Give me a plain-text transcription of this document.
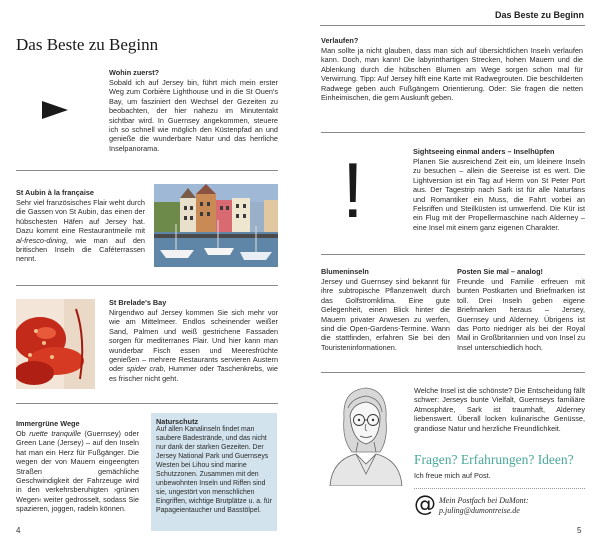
Das Beste zu Beginn
Das Beste zu Beginn
Wohin zuerst?
Sobald ich auf Jersey bin, führt mich mein erster Weg zum Corbière Lighthouse und in die St Ouen's Bay, um fasziniert den Wechsel der Gezeiten zu beobachten, der hier nahezu im Minutentakt sichtbar wird. In Guernsey angekommen, steuere ich so schnell wie möglich den Küstenpfad an und genieße die wunderbare Natur und das herrliche Inselpanorama.
St Aubin à la française
Sehr viel französisches Flair weht durch die Gassen von St Aubin, das einen der hübschesten Häfen auf Jersey hat. Dazu kommt eine Restaurantmeile mit al-fresco-dining, wie man auf den britischen Inseln die Caféterrassen nennt.
St Brelade's Bay
Nirgendwo auf Jersey kommen Sie sich mehr vor wie am Mittelmeer. Endlos scheinender weißer Sand, Palmen und weiß gestrichene Fassaden sorgen für mediterranes Flair. Und hier kann man wunderbar Fisch essen und Meeresfrüchte genießen – mehrere Restaurants servieren Austern oder spider crab, Hummer oder Taschenkrebs, wie es frischer nicht geht.
Immergrüne Wege
Ob ruette tranquille (Guernsey) oder Green Lane (Jersey) – auf den Inseln hat man ein Herz für Fußgänger. Die wegen der von Mauern eingeengten Straßen gemächliche Geschwindigkeit der Fahrzeuge wird in den verkehrsberuhigten ›grünen Wegen‹ weiter gedrosselt, sodass Sie spazieren, joggen, radeln können.
Naturschutz
Auf allen Kanalinseln findet man saubere Badestrände, und das nicht nur dank der starken Gezeiten. Der Jersey National Park und Guernseys Westen bei Lihou sind marine Schutzzonen. Zusammen mit den unbewohnten Inseln und Riffen sind sie, ungestört von menschlichen Eingriffen, wichtige Brutplätze u. a. für Papageientaucher und Basstölpel.
4
Verlaufen?
Man sollte ja nicht glauben, dass man sich auf übersichtlichen Inseln verlaufen kann. Doch, man kann! Die labyrinthartigen Strecken, hohen Mauern und die Ablenkung durch die hübschen Blumen am Wege sorgen schon mal für Verwirrung. Tipp: Auf Jersey hilft eine Karte mit Radwegrouten. Die beschilderten Radwege geben auch Fußgängern Orientierung. Oder: Sie fragen die netten Einheimischen, die gern Auskunft geben.
!	Sightseeing einmal anders – Inselhüpfen
Planen Sie ausreichend Zeit ein, um kleinere Inseln zu besuchen – allein die Seereise ist es wert. Die Lightversion ist ein Tag auf Herm von St Peter Port aus. Der Tagestrip nach Sark ist für alle Naturfans und Romantiker ein Muss, die Fahrt vorbei an Felsriffen und Steilküsten ist umwerfend. Die Kür ist ein Flug mit der Propellermaschine nach Alderney – eine Insel mit einem ganz eigenen Charakter.
Blumeninseln
Jersey und Guernsey sind bekannt für ihre subtropische Pflanzenwelt durch das Golfstromklima. Eine gute Gelegenheit, einen Blick hinter die Mauern privater Anwesen zu werfen, sind die Open-Gardens-Termine. Wann die stattfinden, erfahren Sie bei den Touristeninformationen.
Posten Sie mal – analog!
Freunde und Familie erfreuen mit bunten Postkarten und Briefmarken ist toll. Drei Inseln geben eigene Briefmarken heraus – Jersey, Guernsey und Alderney. Übrigens ist das Porto niedriger als bei der Royal Mail in Großbritannien und von Insel zu Insel unterschiedlich hoch.
Welche Insel ist die schönste? Die Entscheidung fällt schwer: Jerseys bunte Vielfalt, Guernseys familiäre Atmosphäre, Sark ist traumhaft, Alderney liebenswert. Überall locken kulinarische Genüsse, grandiose Natur und herzliche Freundlichkeit.
Fragen? Erfahrungen? Ideen?
Ich freue mich auf Post.
@ Mein Postfach bei DuMont:
p.juling@dumontreise.de
5
